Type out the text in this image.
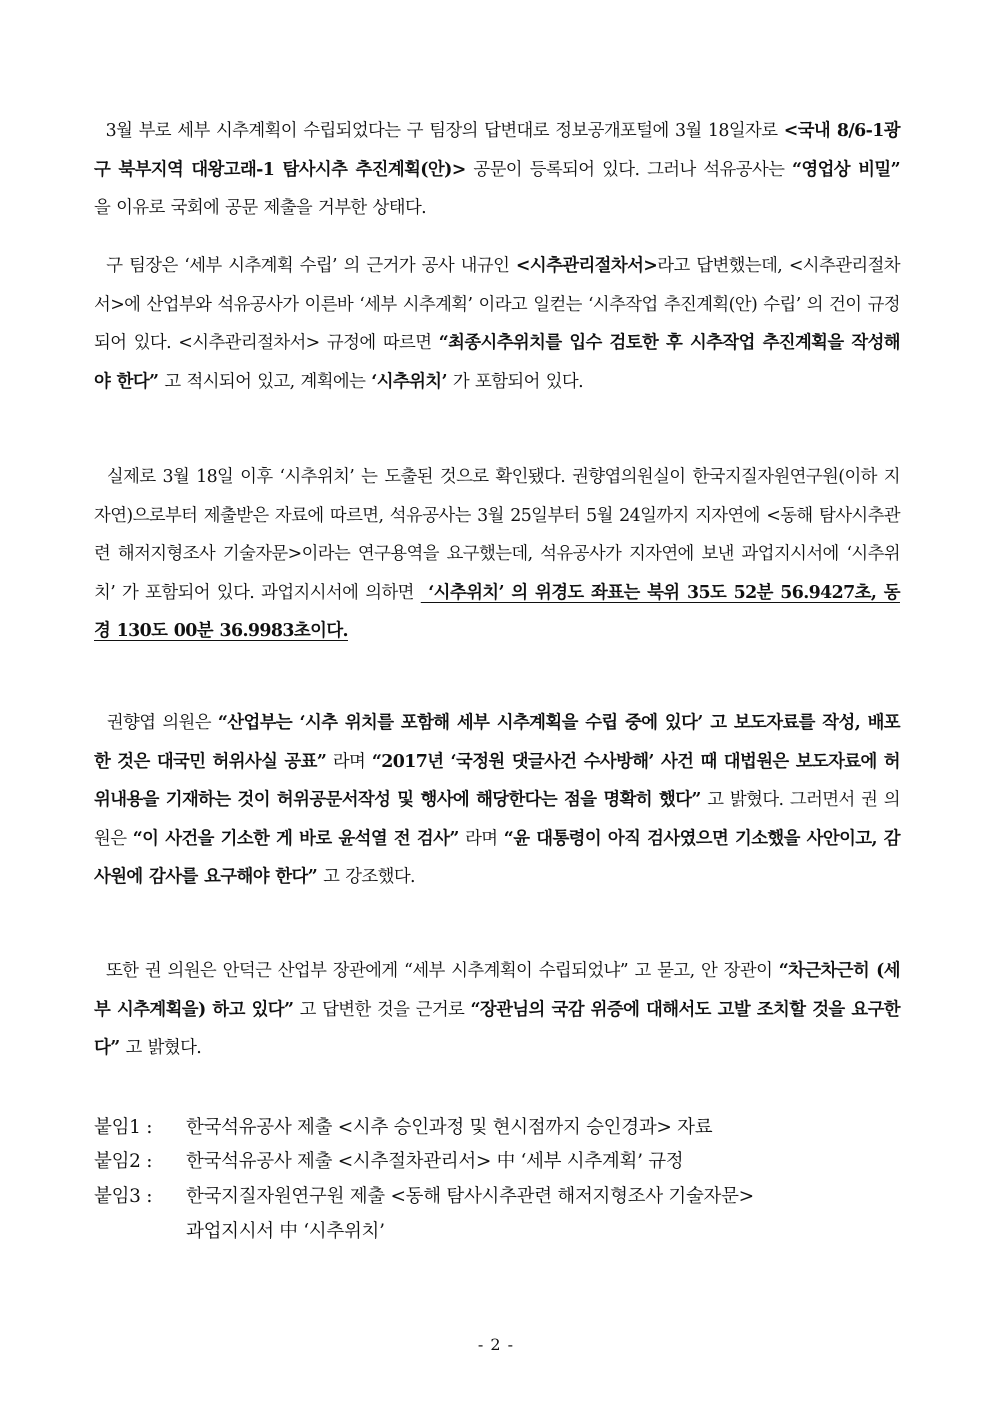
3월 부로 세부 시추계획이 수립되었다는 구 팀장의 답변대로 정보공개포털에 3월 18일자로 <국내 8/6-1광구 북부지역 대왕고래-1 탐사시추 추진계획(안)> 공문이 등록되어 있다. 그러나 석유공사는 “영업상 비밀” 을 이유로 국회에 공문 제출을 거부한 상태다.

구 팀장은 ‘세부 시추계획 수립’ 의 근거가 공사 내규인 <시추관리절차서>라고 답변했는데, <시추관리절차서>에 산업부와 석유공사가 이른바 ‘세부 시추계획’ 이라고 일컫는 ‘시추작업 추진계획(안) 수립’ 의 건이 규정되어 있다. <시추관리절차서> 규정에 따르면 “최종시추위치를 입수 검토한 후 시추작업 추진계획을 작성해야 한다” 고 적시되어 있고, 계획에는 ‘시추위치’ 가 포함되어 있다.

실제로 3월 18일 이후 ‘시추위치’ 는 도출된 것으로 확인됐다. 권향엽의원실이 한국지질자원연구원(이하 지자연)으로부터 제출받은 자료에 따르면, 석유공사는 3월 25일부터 5월 24일까지 지자연에 <동해 탐사시추관련 해저지형조사 기술자문>이라는 연구용역을 요구했는데, 석유공사가 지자연에 보낸 과업지시서에 ‘시추위치’ 가 포함되어 있다. 과업지시서에 의하면  ‘시추위치’ 의 위경도 좌표는 북위 35도 52분 56.9427초, 동경 130도 00분 36.9983초이다.

권향엽 의원은 “산업부는 ‘시추 위치를 포함해 세부 시추계획을 수립 중에 있다’ 고 보도자료를 작성, 배포한 것은 대국민 허위사실 공표” 라며 “2017년 ‘국정원 댓글사건 수사방해’ 사건 때 대법원은 보도자료에 허위내용을 기재하는 것이 허위공문서작성 및 행사에 해당한다는 점을 명확히 했다” 고 밝혔다. 그러면서 권 의원은 “이 사건을 기소한 게 바로 윤석열 전 검사” 라며 “윤 대통령이 아직 검사였으면 기소했을 사안이고, 감사원에 감사를 요구해야 한다” 고 강조했다.

또한 권 의원은 안덕근 산업부 장관에게 “세부 시추계획이 수립되었냐” 고 묻고, 안 장관이 “차근차근히 (세부 시추계획을) 하고 있다” 고 답변한 것을 근거로 “장관님의 국감 위증에 대해서도 고발 조치할 것을 요구한다” 고 밝혔다.

붙임1 : 한국석유공사 제출 <시추 승인과정 및 현시점까지 승인경과> 자료

붙임2 : 한국석유공사 제출 <시추절차관리서> 中 ‘세부 시추계획’ 규정

붙임3 : 한국지질자원연구원 제출 <동해 탐사시추관련 해저지형조사 기술자문>

과업지시서 中 ‘시추위치’

- 2 -
